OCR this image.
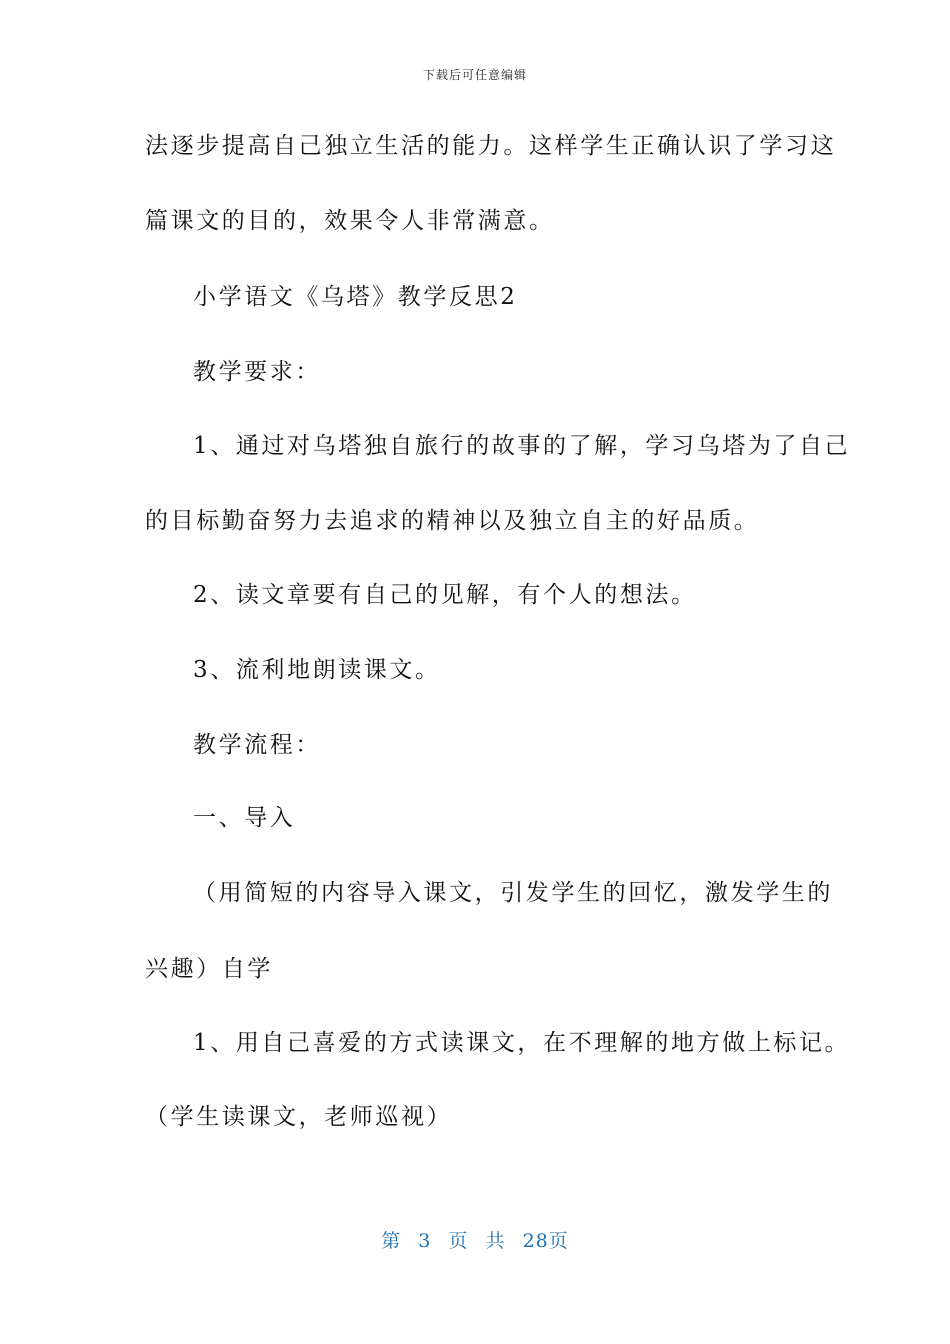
下载后可任意编辑
法逐步提高自己独立生活的能力。这样学生正确认识了学习这
篇课文的目的，效果令人非常满意。
小学语文《乌塔》教学反思2
教学要求：
1、通过对乌塔独自旅行的故事的了解，学习乌塔为了自己
的目标勤奋努力去追求的精神以及独立自主的好品质。
2、读文章要有自己的见解，有个人的想法。
3、流利地朗读课文。
教学流程：
一、导入
（用简短的内容导入课文，引发学生的回忆，激发学生的
兴趣）自学
1、用自己喜爱的方式读课文，在不理解的地方做上标记。
（学生读课文，老师巡视）
第 3 页 共 28页
